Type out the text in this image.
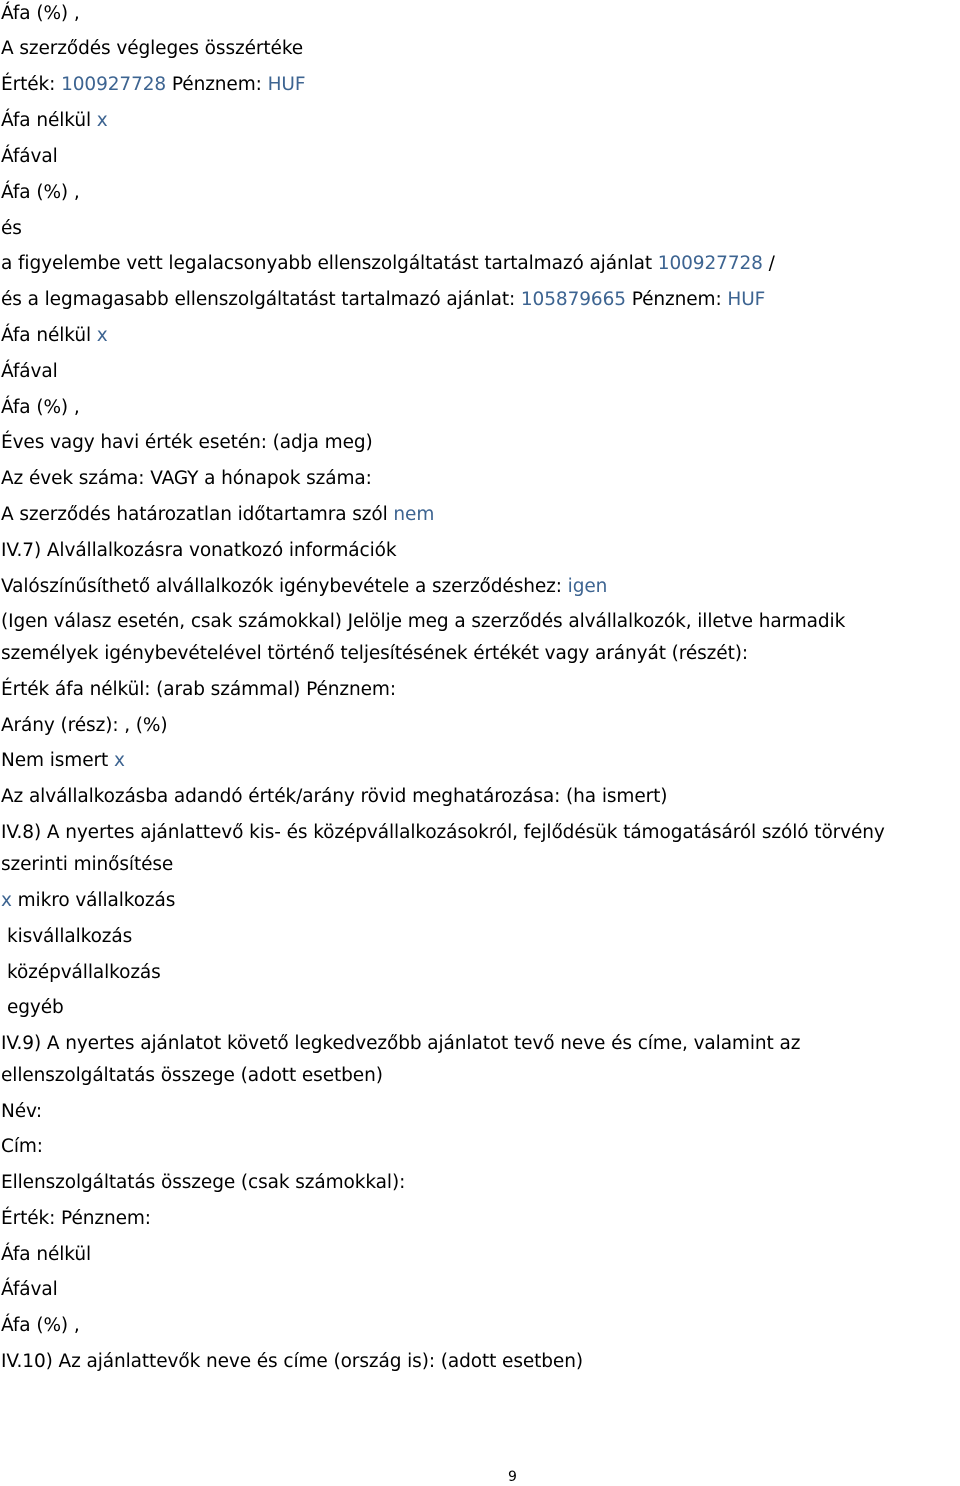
Áfa (%) ,
A szerződés végleges összértéke
Érték: 100927728 Pénznem: HUF
Áfa nélkül x
Áfával
Áfa (%) ,
és
a figyelembe vett legalacsonyabb ellenszolgáltatást tartalmazó ajánlat 100927728 /
és a legmagasabb ellenszolgáltatást tartalmazó ajánlat: 105879665 Pénznem: HUF
Áfa nélkül x
Áfával
Áfa (%) ,
Éves vagy havi érték esetén: (adja meg)
Az évek száma: VAGY a hónapok száma:
A szerződés határozatlan időtartamra szól nem
IV.7) Alvállalkozásra vonatkozó információk
Valószínűsíthető alvállalkozók igénybevétele a szerződéshez: igen
(Igen válasz esetén, csak számokkal) Jelölje meg a szerződés alvállalkozók, illetve harmadik
személyek igénybevételével történő teljesítésének értékét vagy arányát (részét):
Érték áfa nélkül: (arab számmal) Pénznem:
Arány (rész): , (%)
Nem ismert x
Az alvállalkozásba adandó érték/arány rövid meghatározása: (ha ismert)
IV.8) A nyertes ajánlattevő kis- és középvállalkozásokról, fejlődésük támogatásáról szóló törvény
szerinti minősítése
x mikro vállalkozás
kisvállalkozás
középvállalkozás
egyéb
IV.9) A nyertes ajánlatot követő legkedvezőbb ajánlatot tevő neve és címe, valamint az
ellenszolgáltatás összege (adott esetben)
Név:
Cím:
Ellenszolgáltatás összege (csak számokkal):
Érték: Pénznem:
Áfa nélkül
Áfával
Áfa (%) ,
IV.10) Az ajánlattevők neve és címe (ország is): (adott esetben)
9
